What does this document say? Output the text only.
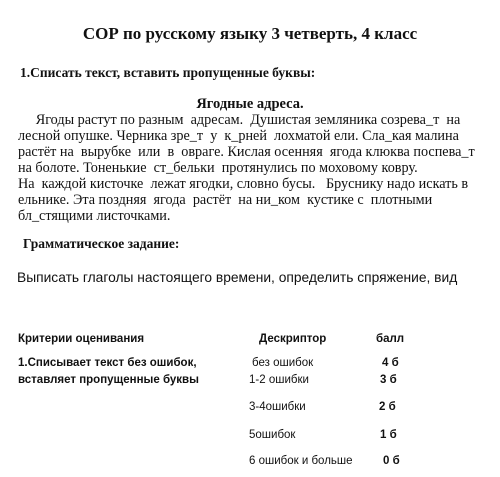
СОР по русскому языку 3 четверть, 4 класс
1.Списать текст, вставить пропущенные буквы:
Ягодные адреса.
Ягоды растут по разным  адресам.  Душистая земляника созрева_т  на
лесной опушке. Черника зре_т  у  к_рней  лохматой ели. Сла_кая малина
растёт на  вырубке  или  в  овраге. Кислая осенняя  ягода клюква поспева_т
на болоте. Тоненькие  ст_бельки  протянулись по моховому ковру.
На  каждой кисточке  лежат ягодки, словно бусы.   Бруснику надо искать в
ельнике. Эта поздняя  ягода  растёт  на ни_ком  кустике с  плотными
бл_стящими листочками.
Грамматическое задание:
Выписать глаголы настоящего времени, определить спряжение, вид
Критерии оценивания	Дескриптор	балл
1.Списывает текст без ошибок,
вставляет пропущенные буквы
без ошибок	4 б
1-2 ошибки	3 б
3-4ошибки	2 б
5ошибок	1 б
6 ошибок и больше	0 б
